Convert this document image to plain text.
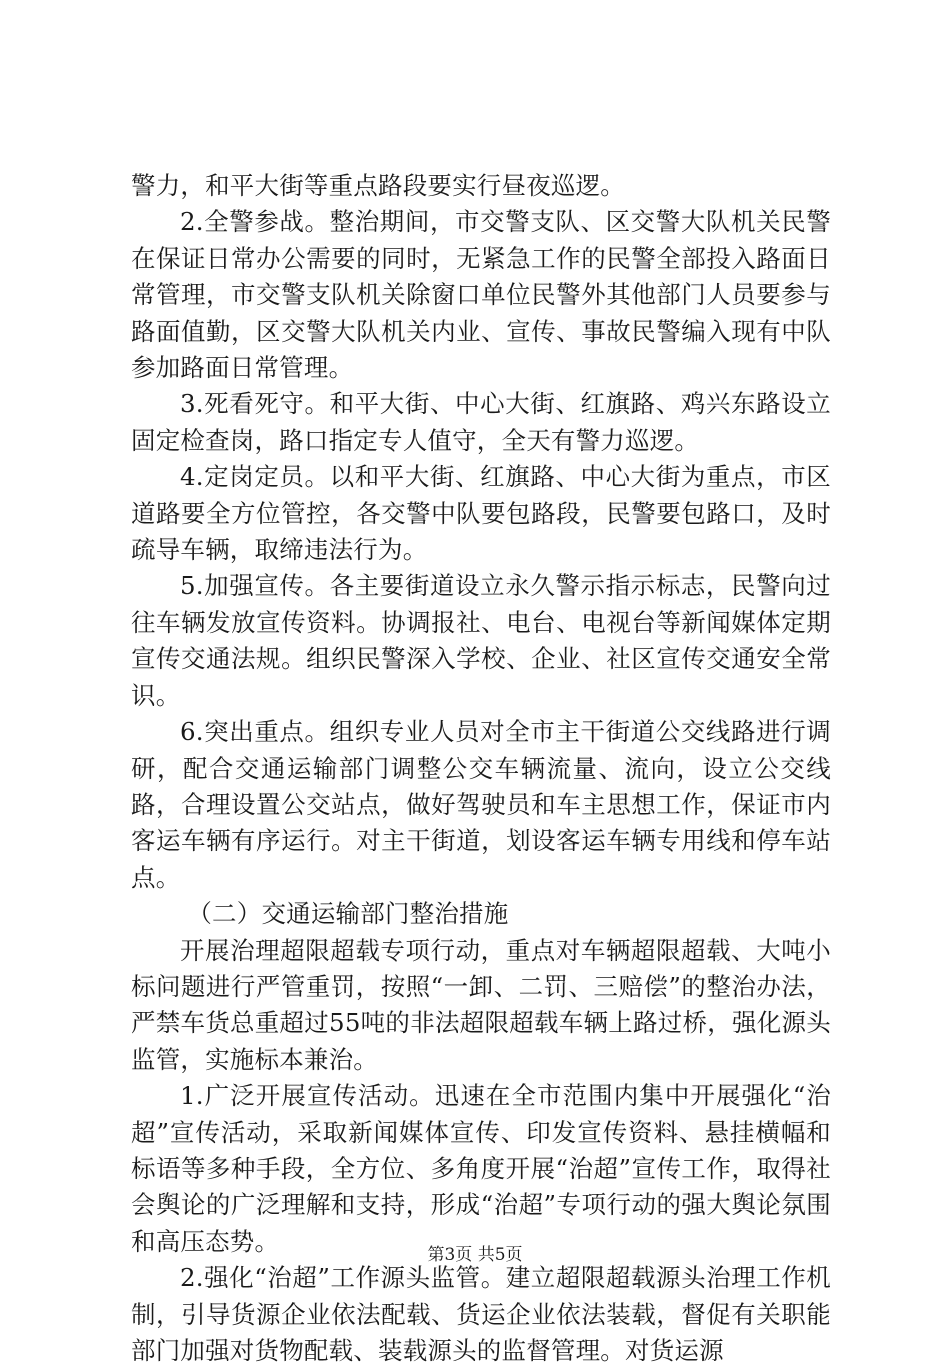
警力，和平大街等重点路段要实行昼夜巡逻。

2.全警参战。整治期间，市交警支队、区交警大队机关民警在保证日常办公需要的同时，无紧急工作的民警全部投入路面日常管理，市交警支队机关除窗口单位民警外其他部门人员要参与路面值勤，区交警大队机关内业、宣传、事故民警编入现有中队参加路面日常管理。

3.死看死守。和平大街、中心大街、红旗路、鸡兴东路设立固定检查岗，路口指定专人值守，全天有警力巡逻。

4.定岗定员。以和平大街、红旗路、中心大街为重点，市区道路要全方位管控，各交警中队要包路段，民警要包路口，及时疏导车辆，取缔违法行为。

5.加强宣传。各主要街道设立永久警示指示标志，民警向过往车辆发放宣传资料。协调报社、电台、电视台等新闻媒体定期宣传交通法规。组织民警深入学校、企业、社区宣传交通安全常识。

6.突出重点。组织专业人员对全市主干街道公交线路进行调研，配合交通运输部门调整公交车辆流量、流向，设立公交线路，合理设置公交站点，做好驾驶员和车主思想工作，保证市内客运车辆有序运行。对主干街道，划设客运车辆专用线和停车站点。

（二）交通运输部门整治措施

开展治理超限超载专项行动，重点对车辆超限超载、大吨小标问题进行严管重罚，按照“一卸、二罚、三赔偿”的整治办法，严禁车货总重超过55吨的非法超限超载车辆上路过桥，强化源头监管，实施标本兼治。

1.广泛开展宣传活动。迅速在全市范围内集中开展强化“治超”宣传活动，采取新闻媒体宣传、印发宣传资料、悬挂横幅和标语等多种手段，全方位、多角度开展“治超”宣传工作，取得社会舆论的广泛理解和支持，形成“治超”专项行动的强大舆论氛围和高压态势。

2.强化“治超”工作源头监管。建立超限超载源头治理工作机制，引导货源企业依法配载、货运企业依法装载，督促有关职能部门加强对货物配载、装载源头的监督管理。对货运源

第3页 共5页
